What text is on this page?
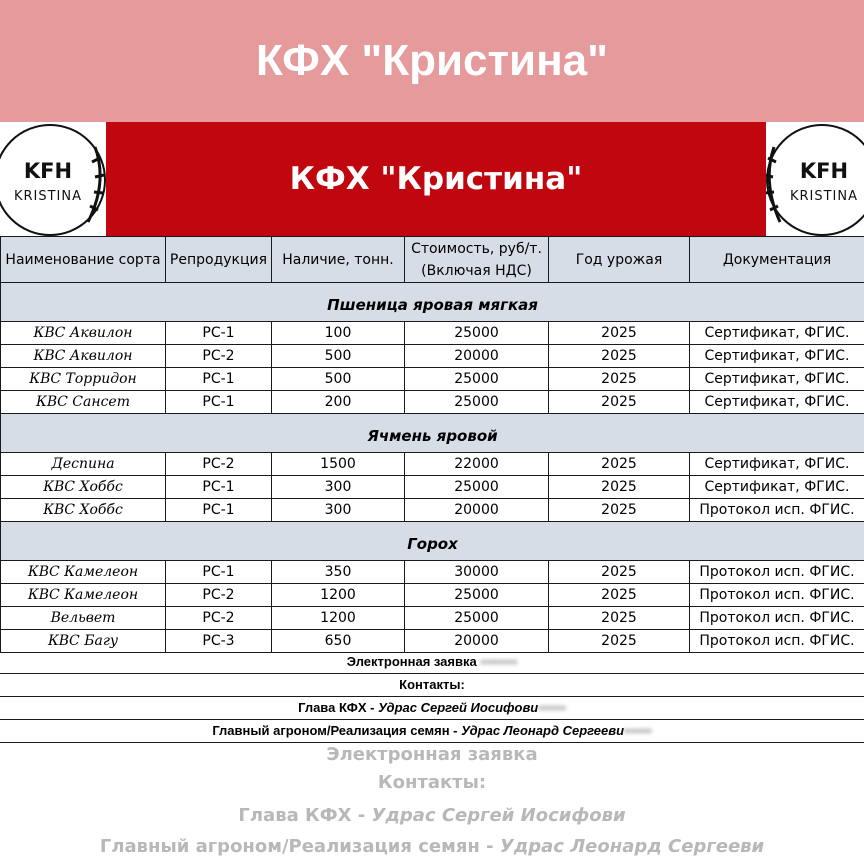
КФХ "Кристина"
KFH
KRISTINA	КФХ "Кристина"	KFH
KRISTINA
Наименование сорта	Репродукция	Наличие, тонн.	Стоимость, руб/т. (Включая НДС)	Год урожая	Документация
Пшеница яровая мягкая					
КВС Аквилон	РС-1	100	25000	2025	Сертификат, ФГИС.
КВС Аквилон	РС-2	500	20000	2025	Сертификат, ФГИС.
КВС Торридон	РС-1	500	25000	2025	Сертификат, ФГИС.
КВС Сансет	РС-1	200	25000	2025	Сертификат, ФГИС.
Ячмень яровой					
Деспина	РС-2	1500	22000	2025	Сертификат, ФГИС.
КВС Хоббс	РС-1	300	25000	2025	Сертификат, ФГИС.
КВС Хоббс	РС-1	300	20000	2025	Протокол исп. ФГИС.
Горох					
КВС Камелеон	РС-1	350	30000	2025	Протокол исп. ФГИС.
КВС Камелеон	РС-2	1200	25000	2025	Протокол исп. ФГИС.
Вельвет	РС-2	1200	25000	2025	Протокол исп. ФГИС.
КВС Багу	РС-3	650	20000	2025	Протокол исп. ФГИС.
Электронная заявка ▪▪▪▪▪▪▪▪
Контакты:
Глава КФХ - Удрас Сергей Иосифови▪▪▪▪▪▪
Главный агроном/Реализация семян - Удрас Леонард Сергееви▪▪▪▪▪▪
Электронная заявка
Контакты:
Глава КФХ - Удрас Сергей Иосифови
Главный агроном/Реализация семян - Удрас Леонард Сергееви
